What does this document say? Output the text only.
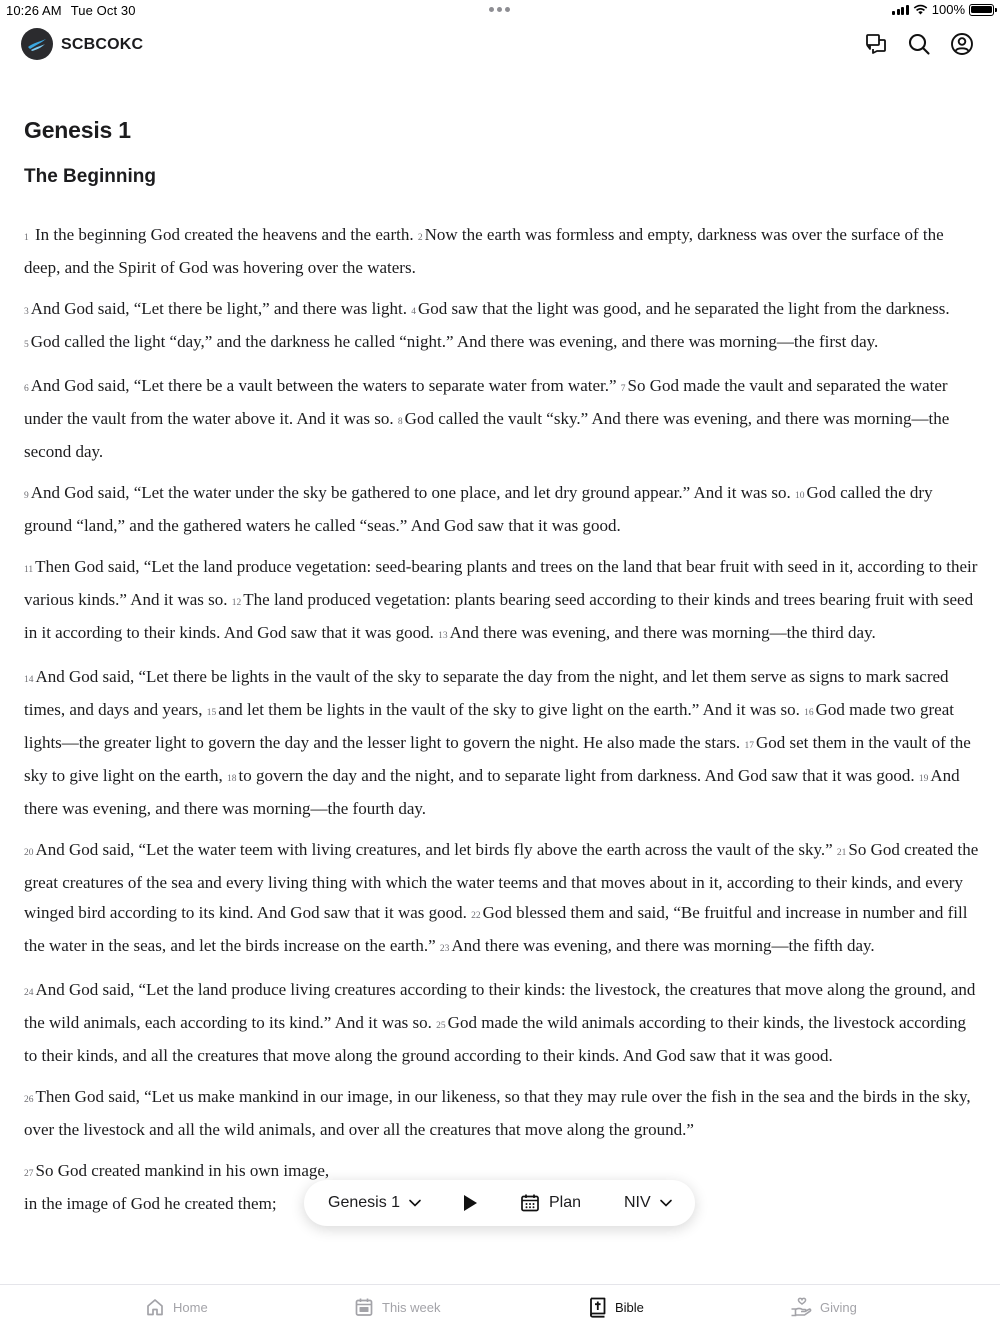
10:26 AM Tue Oct 30	100%
SCBCOKC
Genesis 1
The Beginning

1 In the beginning God created the heavens and the earth. 2 Now the earth was formless and empty, darkness was over the surface of the deep, and the Spirit of God was hovering over the waters.

3 And God said, “Let there be light,” and there was light. 4 God saw that the light was good, and he separated the light from the darkness. 5 God called the light “day,” and the darkness he called “night.” And there was evening, and there was morning—the first day.

6 And God said, “Let there be a vault between the waters to separate water from water.” 7 So God made the vault and separated the water under the vault from the water above it. And it was so. 8 God called the vault “sky.” And there was evening, and there was morning—the second day.

9 And God said, “Let the water under the sky be gathered to one place, and let dry ground appear.” And it was so. 10 God called the dry ground “land,” and the gathered waters he called “seas.” And God saw that it was good.

11 Then God said, “Let the land produce vegetation: seed-bearing plants and trees on the land that bear fruit with seed in it, according to their various kinds.” And it was so. 12 The land produced vegetation: plants bearing seed according to their kinds and trees bearing fruit with seed in it according to their kinds. And God saw that it was good. 13 And there was evening, and there was morning—the third day.

14 And God said, “Let there be lights in the vault of the sky to separate the day from the night, and let them serve as signs to mark sacred times, and days and years, 15 and let them be lights in the vault of the sky to give light on the earth.” And it was so. 16 God made two great lights—the greater light to govern the day and the lesser light to govern the night. He also made the stars. 17 God set them in the vault of the sky to give light on the earth, 18 to govern the day and the night, and to separate light from darkness. And God saw that it was good. 19 And there was evening, and there was morning—the fourth day.

20 And God said, “Let the water teem with living creatures, and let birds fly above the earth across the vault of the sky.” 21 So God created the great creatures of the sea and every living thing with which the water teems and that moves about in it, according to their kinds, and every winged bird according to its kind. And God saw that it was good. 22 God blessed them and said, “Be fruitful and increase in number and fill the water in the seas, and let the birds increase on the earth.” 23 And there was evening, and there was morning—the fifth day.

24 And God said, “Let the land produce living creatures according to their kinds: the livestock, the creatures that move along the ground, and the wild animals, each according to its kind.” And it was so. 25 God made the wild animals according to their kinds, the livestock according to their kinds, and all the creatures that move along the ground according to their kinds. And God saw that it was good.

26 Then God said, “Let us make mankind in our image, in our likeness, so that they may rule over the fish in the sea and the birds in the sky, over the livestock and all the wild animals, and over all the creatures that move along the ground.”

27 So God created mankind in his own image,
in the image of God he created them;	Genesis 1	Plan	NIV
Home	This week	Bible	Giving
